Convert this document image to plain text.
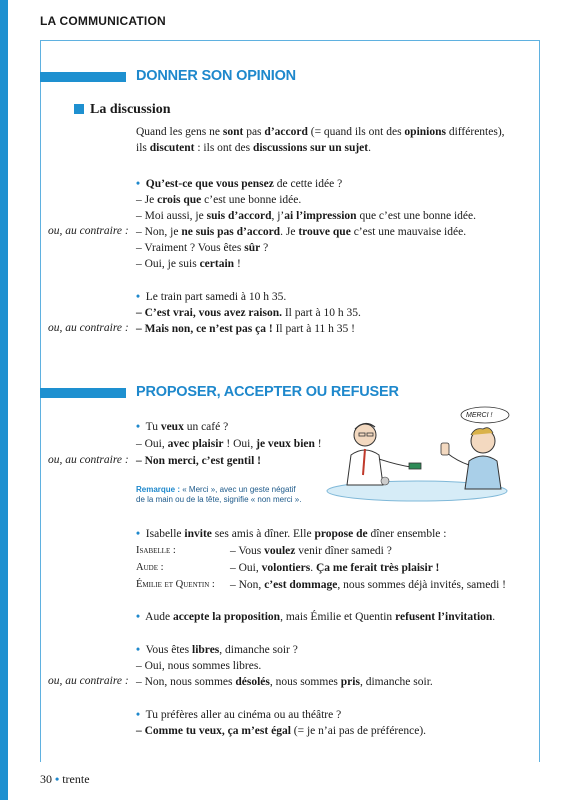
LA COMMUNICATION
DONNER SON OPINION
La discussion
Quand les gens ne sont pas d’accord (= quand ils ont des opinions différentes), ils discutent : ils ont des discussions sur un sujet.
• Qu’est-ce que vous pensez de cette idée ?
– Je crois que c’est une bonne idée.
– Moi aussi, je suis d’accord, j’ai l’impression que c’est une bonne idée.
ou, au contraire : – Non, je ne suis pas d’accord. Je trouve que c’est une mauvaise idée.
– Vraiment ? Vous êtes sûr ?
– Oui, je suis certain !
• Le train part samedi à 10 h 35.
– C’est vrai, vous avez raison. Il part à 10 h 35.
ou, au contraire : – Mais non, ce n’est pas ça ! Il part à 11 h 35 !
PROPOSER, ACCEPTER OU REFUSER
• Tu veux un café ?
– Oui, avec plaisir ! Oui, je veux bien !
ou, au contraire : – Non merci, c’est gentil !
MERCI !
Remarque : « Merci », avec un geste négatif
de la main ou de la tête, signifie « non merci ».
• Isabelle invite ses amis à dîner. Elle propose de dîner ensemble :
Isabelle :	– Vous voulez venir dîner samedi ?
Aude :	– Oui, volontiers. Ça me ferait très plaisir !
Émilie et Quentin : – Non, c’est dommage, nous sommes déjà invités, samedi !
• Aude accepte la proposition, mais Émilie et Quentin refusent l’invitation.
• Vous êtes libres, dimanche soir ?
– Oui, nous sommes libres.
ou, au contraire : – Non, nous sommes désolés, nous sommes pris, dimanche soir.
• Tu préfères aller au cinéma ou au théâtre ?
– Comme tu veux, ça m’est égal (= je n’ai pas de préférence).
30 • trente
